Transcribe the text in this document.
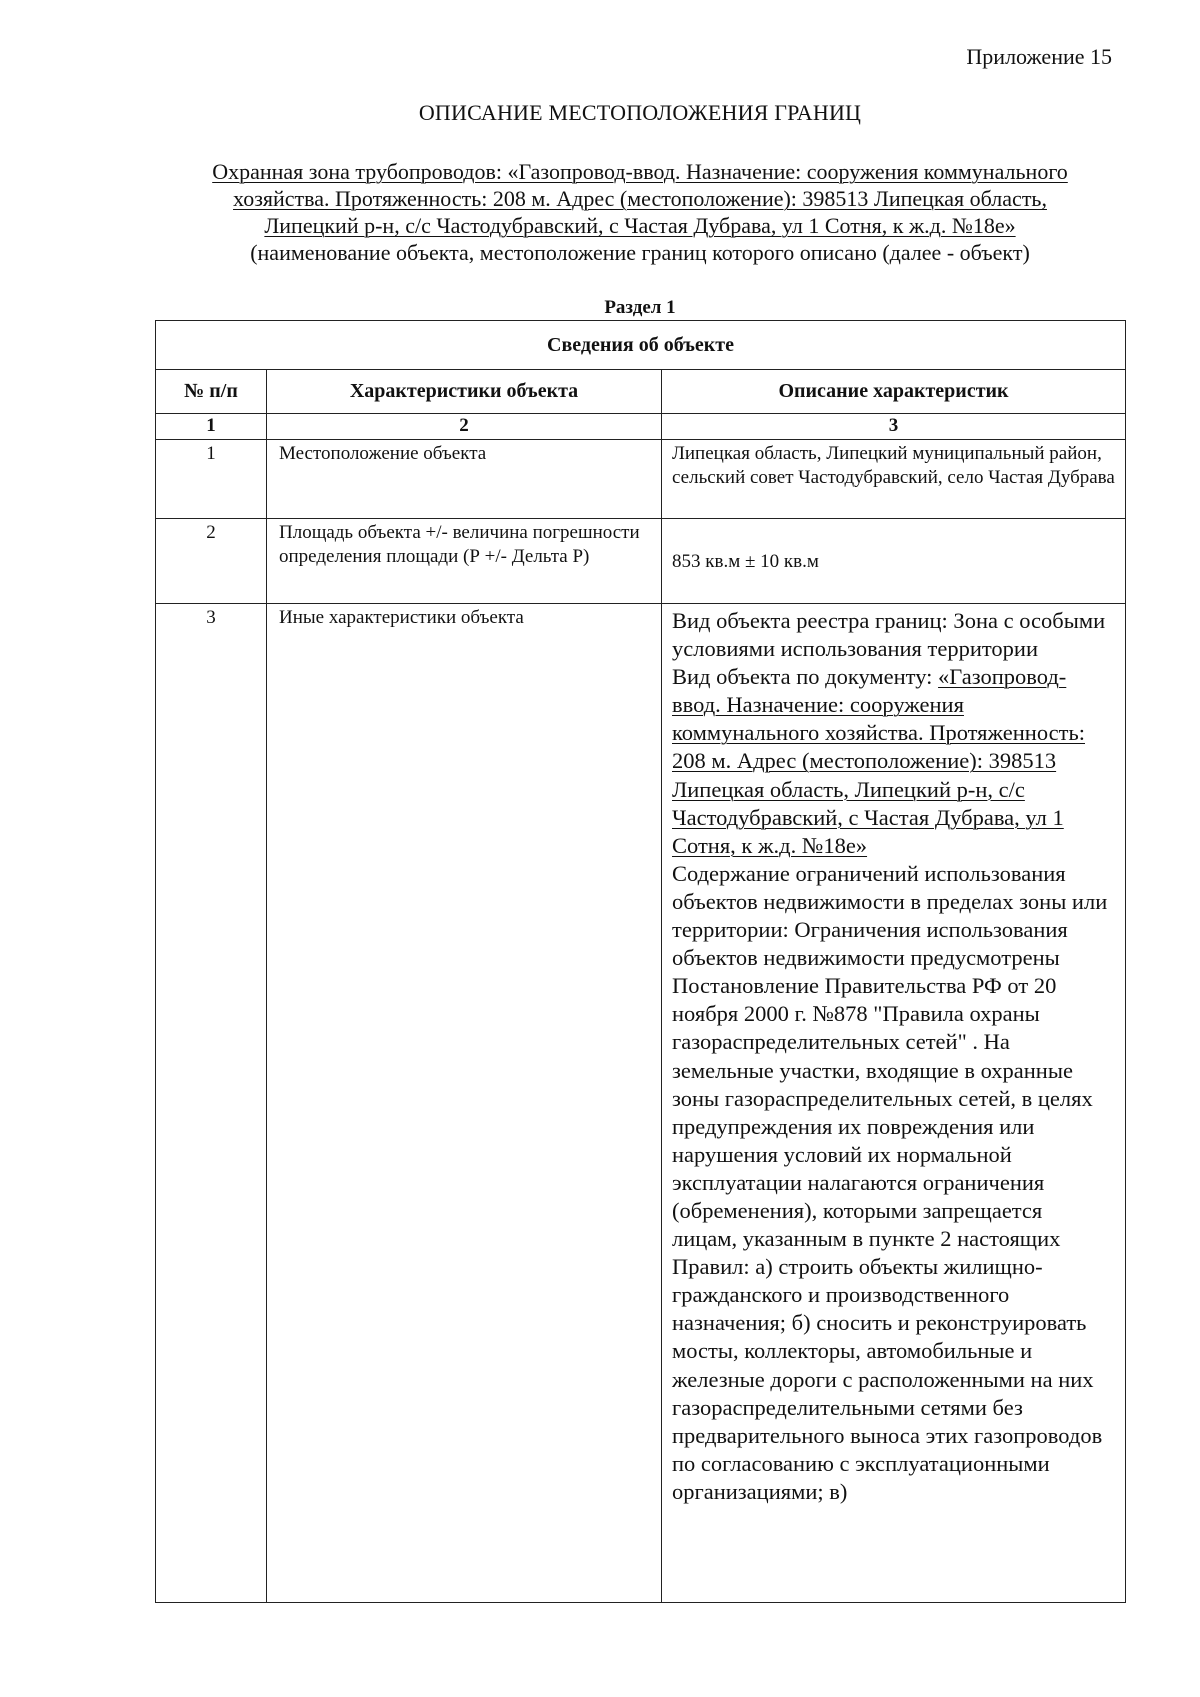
Приложение 15
ОПИСАНИЕ МЕСТОПОЛОЖЕНИЯ ГРАНИЦ
Охранная зона трубопроводов: «Газопровод-ввод. Назначение: сооружения коммунального
хозяйства. Протяженность: 208 м. Адрес (местоположение): 398513 Липецкая область,
Липецкий р-н, с/с Частодубравский, с Частая Дубрава, ул 1 Сотня, к ж.д. №18е»
(наименование объекта, местоположение границ которого описано (далее - объект)
Раздел 1
Сведения об объекте		
№ п/п	Характеристики объекта	Описание характеристик
1	2	3
1	Местоположение объекта	Липецкая область, Липецкий муниципальный район, сельский совет Частодубравский, село Частая Дубрава
2	Площадь объекта +/- величина погрешности определения площади (Р +/- Дельта Р)	853 кв.м ± 10 кв.м
3	Иные характеристики объекта	Вид объекта реестра границ: Зона с особыми условиями использования территории
Вид объекта по документу: «Газопровод-ввод. Назначение: сооружения коммунального хозяйства. Протяженность: 208 м. Адрес (местоположение): 398513 Липецкая область, Липецкий р-н, с/с Частодубравский, с Частая Дубрава, ул 1 Сотня, к ж.д. №18е»
Содержание ограничений использования объектов недвижимости в пределах зоны или территории: Ограничения использования объектов недвижимости предусмотрены Постановление Правительства РФ от 20 ноября 2000 г. №878 "Правила охраны газораспределительных сетей" . На земельные участки, входящие в охранные зоны газораспределительных сетей, в целях предупреждения их повреждения или нарушения условий их нормальной эксплуатации налагаются ограничения (обременения), которыми запрещается лицам, указанным в пункте 2 настоящих Правил: а) строить объекты жилищно-гражданского и производственного назначения; б) сносить и реконструировать мосты, коллекторы, автомобильные и железные дороги с расположенными на них газораспределительными сетями без предварительного выноса этих газопроводов по согласованию с эксплуатационными организациями; в)
